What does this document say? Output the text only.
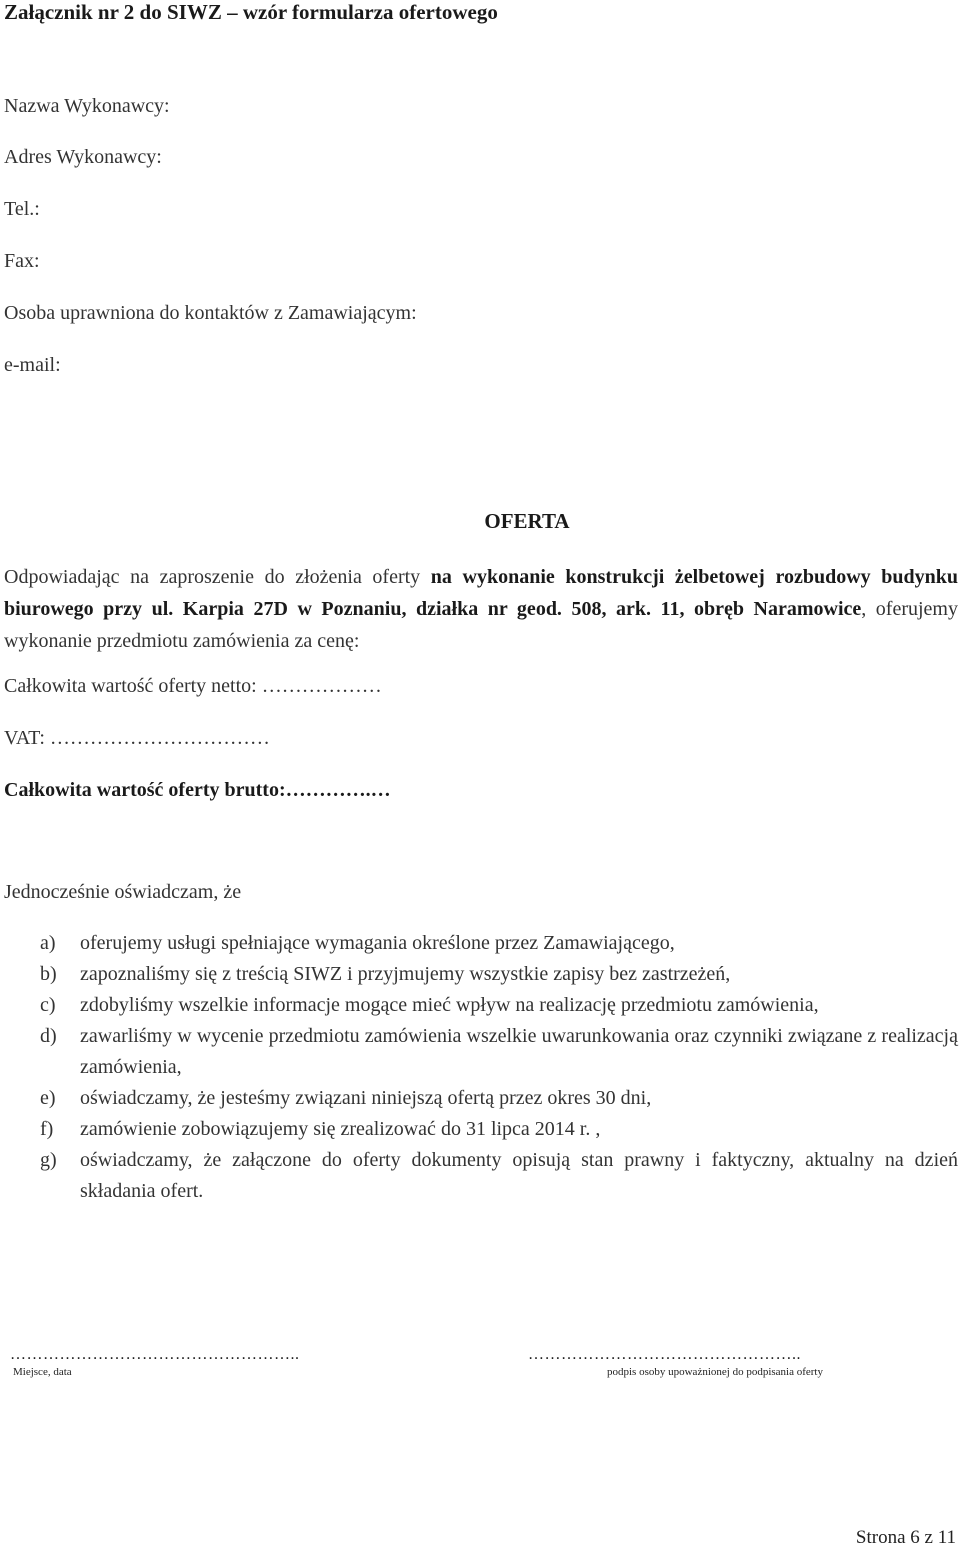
Załącznik nr 2 do SIWZ – wzór formularza ofertowego
Nazwa Wykonawcy:
Adres Wykonawcy:
Tel.:
Fax:
Osoba uprawniona do kontaktów z Zamawiającym:
e-mail:
OFERTA
Odpowiadając na zaproszenie do złożenia oferty na wykonanie konstrukcji żelbetowej rozbudowy budynku biurowego przy ul. Karpia 27D w Poznaniu, działka nr geod. 508, ark. 11, obręb Naramowice, oferujemy wykonanie przedmiotu zamówienia za cenę:
Całkowita wartość oferty netto: ………………
VAT: ……………………………
Całkowita wartość oferty brutto:………….…
Jednocześnie oświadczam, że
a)	oferujemy usługi spełniające wymagania określone przez Zamawiającego,
b)	zapoznaliśmy się z treścią SIWZ i przyjmujemy wszystkie zapisy bez zastrzeżeń,
c)	zdobyliśmy wszelkie informacje mogące mieć wpływ na realizację przedmiotu zamówienia,
d)	zawarliśmy w wycenie przedmiotu zamówienia wszelkie uwarunkowania oraz czynniki związane z realizacją zamówienia,
e)	oświadczamy, że jesteśmy związani niniejszą ofertą przez okres 30 dni,
f)	zamówienie zobowiązujemy się zrealizować do 31 lipca 2014 r. ,
g)	oświadczamy, że załączone do oferty dokumenty opisują stan prawny i faktyczny, aktualny na dzień składania ofert.
……………………………………………..
Miejsce, data
…………………………………………..
podpis osoby upoważnionej do podpisania oferty
Strona 6 z 11
